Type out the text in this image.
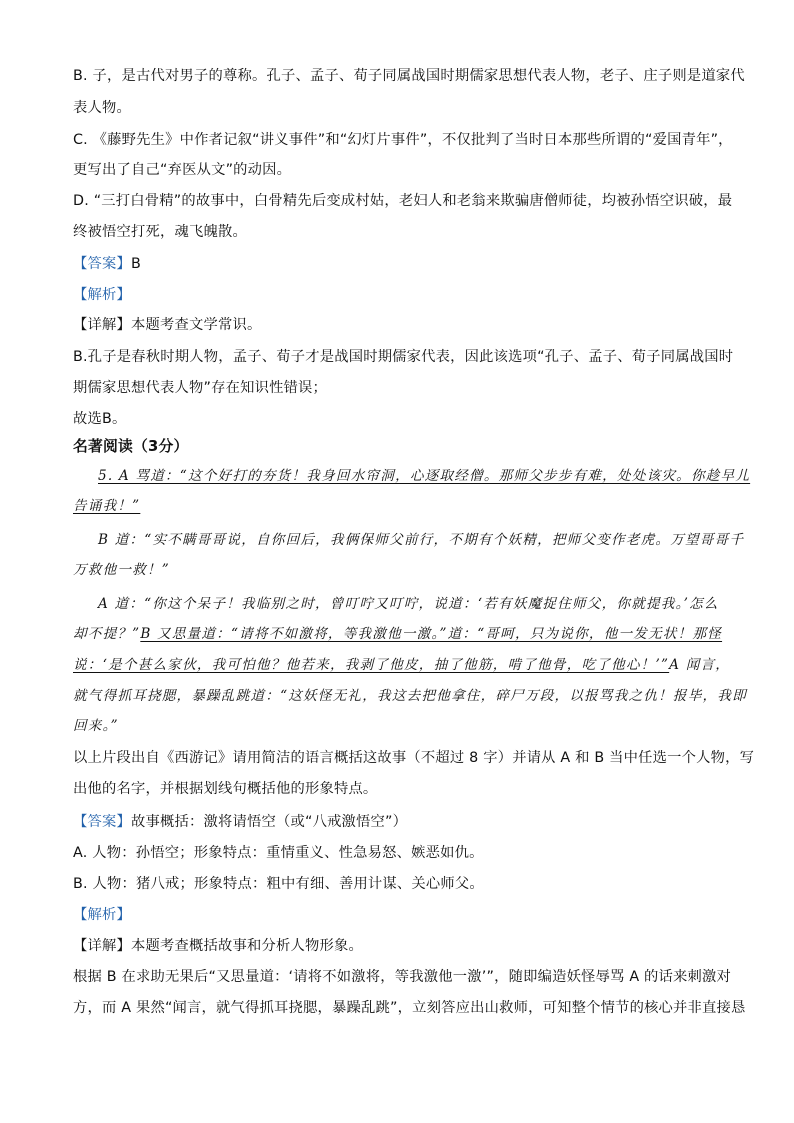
B. 子，是古代对男子的尊称。孔子、孟子、荀子同属战国时期儒家思想代表人物，老子、庄子则是道家代
表人物。
C. 《藤野先生》中作者记叙“讲义事件”和“幻灯片事件”，不仅批判了当时日本那些所谓的“爱国青年”，
更写出了自己“弃医从文”的动因。
D. “三打白骨精”的故事中，白骨精先后变成村姑，老妇人和老翁来欺骗唐僧师徒，均被孙悟空识破，最
终被悟空打死，魂飞魄散。
【答案】B
【解析】
【详解】本题考查文学常识。
B.孔子是春秋时期人物，孟子、荀子才是战国时期儒家代表，因此该选项“孔子、孟子、荀子同属战国时
期儒家思想代表人物”存在知识性错误；
故选B。
名著阅读（3分）
5. A 骂道：“这个好打的夯货！我身回水帘洞，心逐取经僧。那师父步步有难，处处该灾。你趁早儿
告诵我！”
B 道：“实不瞒哥哥说，自你回后，我俩保师父前行，不期有个妖精，把师父变作老虎。万望哥哥千
万救他一救！”
A 道：“你这个呆子！我临别之时，曾叮咛又叮咛，说道：‘若有妖魔捉住师父，你就提我。’怎么
却不提？”B 又思量道：“请将不如激将，等我激他一激。”道：“哥呵，只为说你，他一发无状！那怪
说：‘是个甚么家伙，我可怕他？他若来，我剥了他皮，抽了他筋，啃了他骨，吃了他心！’”A 闻言，
就气得抓耳挠腮，暴躁乱跳道：“这妖怪无礼，我这去把他拿住，碎尸万段，以报骂我之仇！报毕，我即
回来。”
以上片段出自《西游记》请用简洁的语言概括这故事（不超过 8 字）并请从 A 和 B 当中任选一个人物，写
出他的名字，并根据划线句概括他的形象特点。
【答案】故事概括：激将请悟空（或“八戒激悟空”）
A. 人物：孙悟空；形象特点：重情重义、性急易怒、嫉恶如仇。
B. 人物：猪八戒；形象特点：粗中有细、善用计谋、关心师父。
【解析】
【详解】本题考查概括故事和分析人物形象。
根据 B 在求助无果后“又思量道：‘请将不如激将，等我激他一激’”，随即编造妖怪辱骂 A 的话来刺激对
方，而 A 果然“闻言，就气得抓耳挠腮，暴躁乱跳”，立刻答应出山救师，可知整个情节的核心并非直接恳
